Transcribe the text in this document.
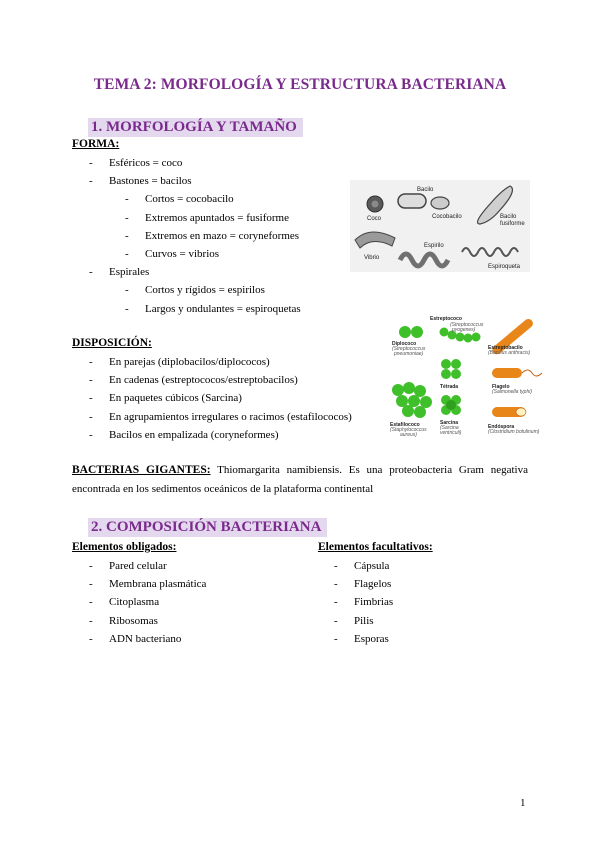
TEMA 2: MORFOLOGÍA Y ESTRUCTURA BACTERIANA
1. MORFOLOGÍA Y TAMAÑO
FORMA:
- Esféricos = coco
- Bastones = bacilos
- Cortos = cocobacilo
- Extremos apuntados = fusiforme
- Extremos en mazo = coryneformes
- Curvos = vibrios
- Espirales
- Cortos y rígidos = espirilos
- Largos y ondulantes = espiroquetas
Bacilo
Coco	Cocobacilo	Bacilo
fusiforme
Vibrio
Espirilo
Espiroqueta
DISPOSICIÓN:
- En parejas (diplobacilos/diplococos)
- En cadenas (estreptococos/estreptobacilos)
- En paquetes cúbicos (Sarcina)
- En agrupamientos irregulares o racimos (estafilococos)
- Bacilos en empalizada (coryneformes)
Estreptococo
(Streptococcus
pyogenes)
Diplococo
(Streptococcus
pneumoniae)
Estreptobacilo
(Bacillus anthracis)
Tétrada	Flagelo
(Salmonella typhi)
Estafilococo
(Staphylococcus
aureus)
Sarcina
(Sarcina
ventriculi)
Endóspora
(Clostridium botulinum)
BACTERIAS GIGANTES: Thiomargarita namibiensis. Es una proteobacteria Gram negativa
encontrada en los sedimentos oceánicos de la plataforma continental
2. COMPOSICIÓN BACTERIANA
Elementos obligados:
- Pared celular
- Membrana plasmática
- Citoplasma
- Ribosomas
- ADN bacteriano
Elementos facultativos:
- Cápsula
- Flagelos
- Fimbrias
- Pilis
- Esporas
1
